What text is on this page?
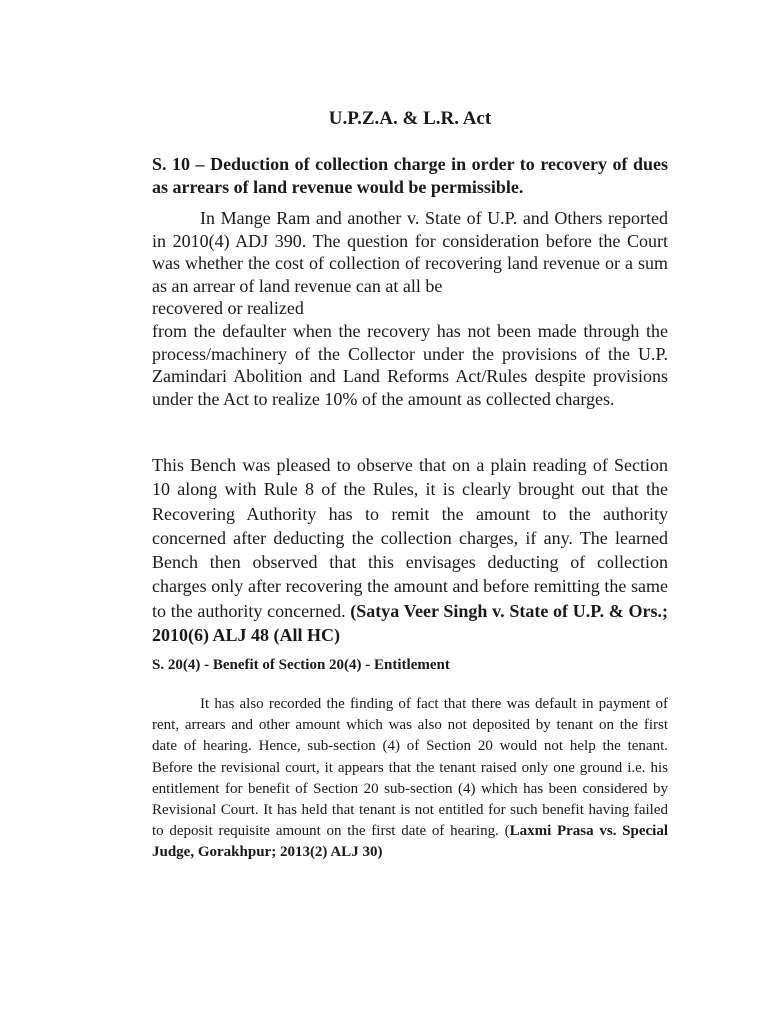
U.P.Z.A. & L.R. Act

S. 10 – Deduction of collection charge in order to recovery of dues as arrears of land revenue would be permissible.

In Mange Ram and another v. State of U.P. and Others reported in 2010(4) ADJ 390. The question for consideration before the Court was whether the cost of collection of recovering land revenue or a sum as an arrear of land revenue can at all be
recovered or realized

from the defaulter when the recovery has not been made through the process/machinery of the Collector under the provisions of the U.P. Zamindari Abolition and Land Reforms Act/Rules despite provisions under the Act to realize 10% of the amount as collected charges.

This Bench was pleased to observe that on a plain reading of Section 10 along with Rule 8 of the Rules, it is clearly brought out that the Recovering Authority has to remit the amount to the authority concerned after deducting the collection charges, if any. The learned Bench then observed that this envisages deducting of collection charges only after recovering the amount and before remitting the same to the authority concerned. (Satya Veer Singh v. State of U.P. & Ors.; 2010(6) ALJ 48 (All HC)

S. 20(4) - Benefit of Section 20(4) - Entitlement

It has also recorded the finding of fact that there was default in payment of rent, arrears and other amount which was also not deposited by tenant on the first date of hearing. Hence, sub-section (4) of Section 20 would not help the tenant. Before the revisional court, it appears that the tenant raised only one ground i.e. his entitlement for benefit of Section 20 sub-section (4) which has been considered by Revisional Court. It has held that tenant is not entitled for such benefit having failed to deposit requisite amount on the first date of hearing. (Laxmi Prasa vs. Special Judge, Gorakhpur; 2013(2) ALJ 30)
